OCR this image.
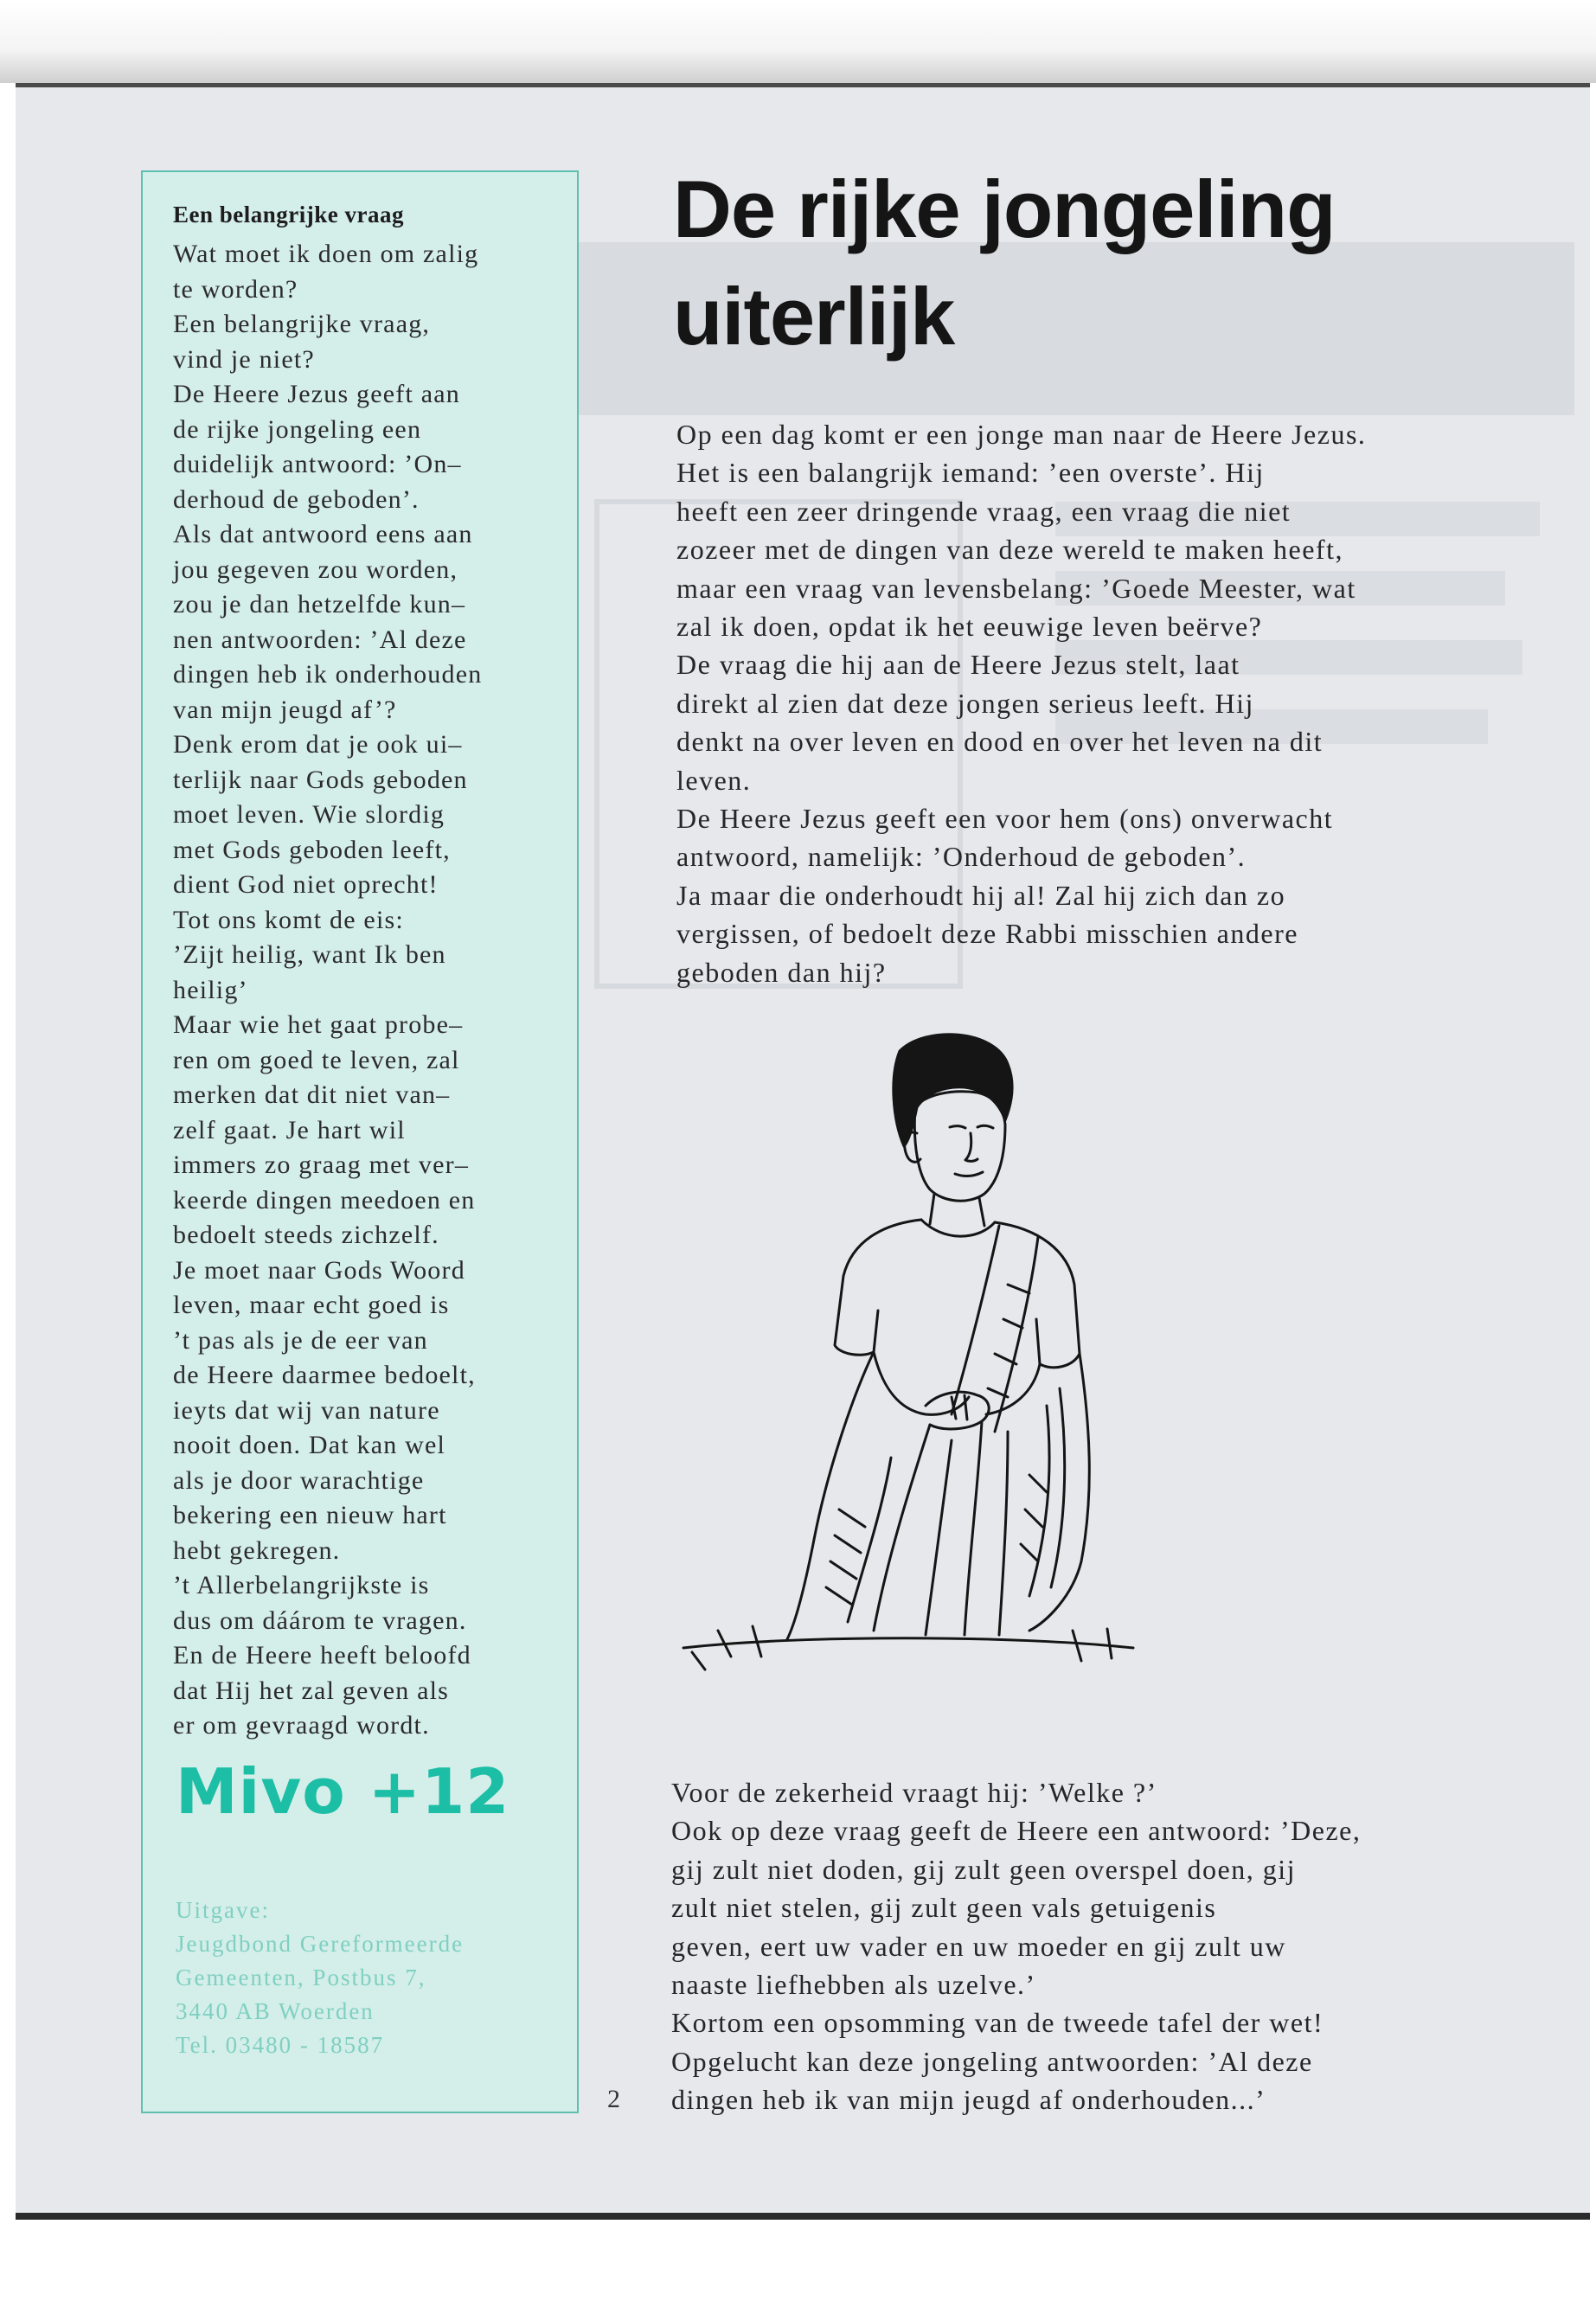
Een belangrijke vraag
Wat moet ik doen om zalig
te worden?
Een belangrijke vraag,
vind je niet?
De Heere Jezus geeft aan
de rijke jongeling een
duidelijk antwoord: ’On–
derhoud de geboden’.
Als dat antwoord eens aan
jou gegeven zou worden,
zou je dan hetzelfde kun–
nen antwoorden: ’Al deze
dingen heb ik onderhouden
van mijn jeugd af’?
Denk erom dat je ook ui–
terlijk naar Gods geboden
moet leven. Wie slordig
met Gods geboden leeft,
dient God niet oprecht!
Tot ons komt de eis:
’Zijt heilig, want Ik ben
heilig’
Maar wie het gaat probe–
ren om goed te leven, zal
merken dat dit niet van–
zelf gaat. Je hart wil
immers zo graag met ver–
keerde dingen meedoen en
bedoelt steeds zichzelf.
Je moet naar Gods Woord
leven, maar echt goed is
’t pas als je de eer van
de Heere daarmee bedoelt,
ieyts dat wij van nature
nooit doen. Dat kan wel
als je door warachtige
bekering een nieuw hart
hebt gekregen.
’t Allerbelangrijkste is
dus om dáárom te vragen.
En de Heere heeft beloofd
dat Hij het zal geven als
er om gevraagd wordt.
Mivo +12
Uitgave:
Jeugdbond Gereformeerde
Gemeenten, Postbus 7,
3440 AB Woerden
Tel. 03480 - 18587
De rijke jongeling
uiterlijk
Op een dag komt er een jonge man naar de Heere Jezus.
Het is een balangrijk iemand: ’een overste’. Hij
heeft een zeer dringende vraag, een vraag die niet
zozeer met de dingen van deze wereld te maken heeft,
maar een vraag van levensbelang: ’Goede Meester, wat
zal ik doen, opdat ik het eeuwige leven beërve?
De vraag die hij aan de Heere Jezus stelt, laat
direkt al zien dat deze jongen serieus leeft. Hij
denkt na over leven en dood en over het leven na dit
leven.
De Heere Jezus geeft een voor hem (ons) onverwacht
antwoord, namelijk: ’Onderhoud de geboden’.
Ja maar die onderhoudt hij al! Zal hij zich dan zo
vergissen, of bedoelt deze Rabbi misschien andere
geboden dan hij?
Voor de zekerheid vraagt hij: ’Welke ?’
Ook op deze vraag geeft de Heere een antwoord: ’Deze,
gij zult niet doden, gij zult geen overspel doen, gij
zult niet stelen, gij zult geen vals getuigenis
geven, eert uw vader en uw moeder en gij zult uw
naaste liefhebben als uzelve.’
Kortom een opsomming van de tweede tafel der wet!
Opgelucht kan deze jongeling antwoorden: ’Al deze
dingen heb ik van mijn jeugd af onderhouden...’
2
